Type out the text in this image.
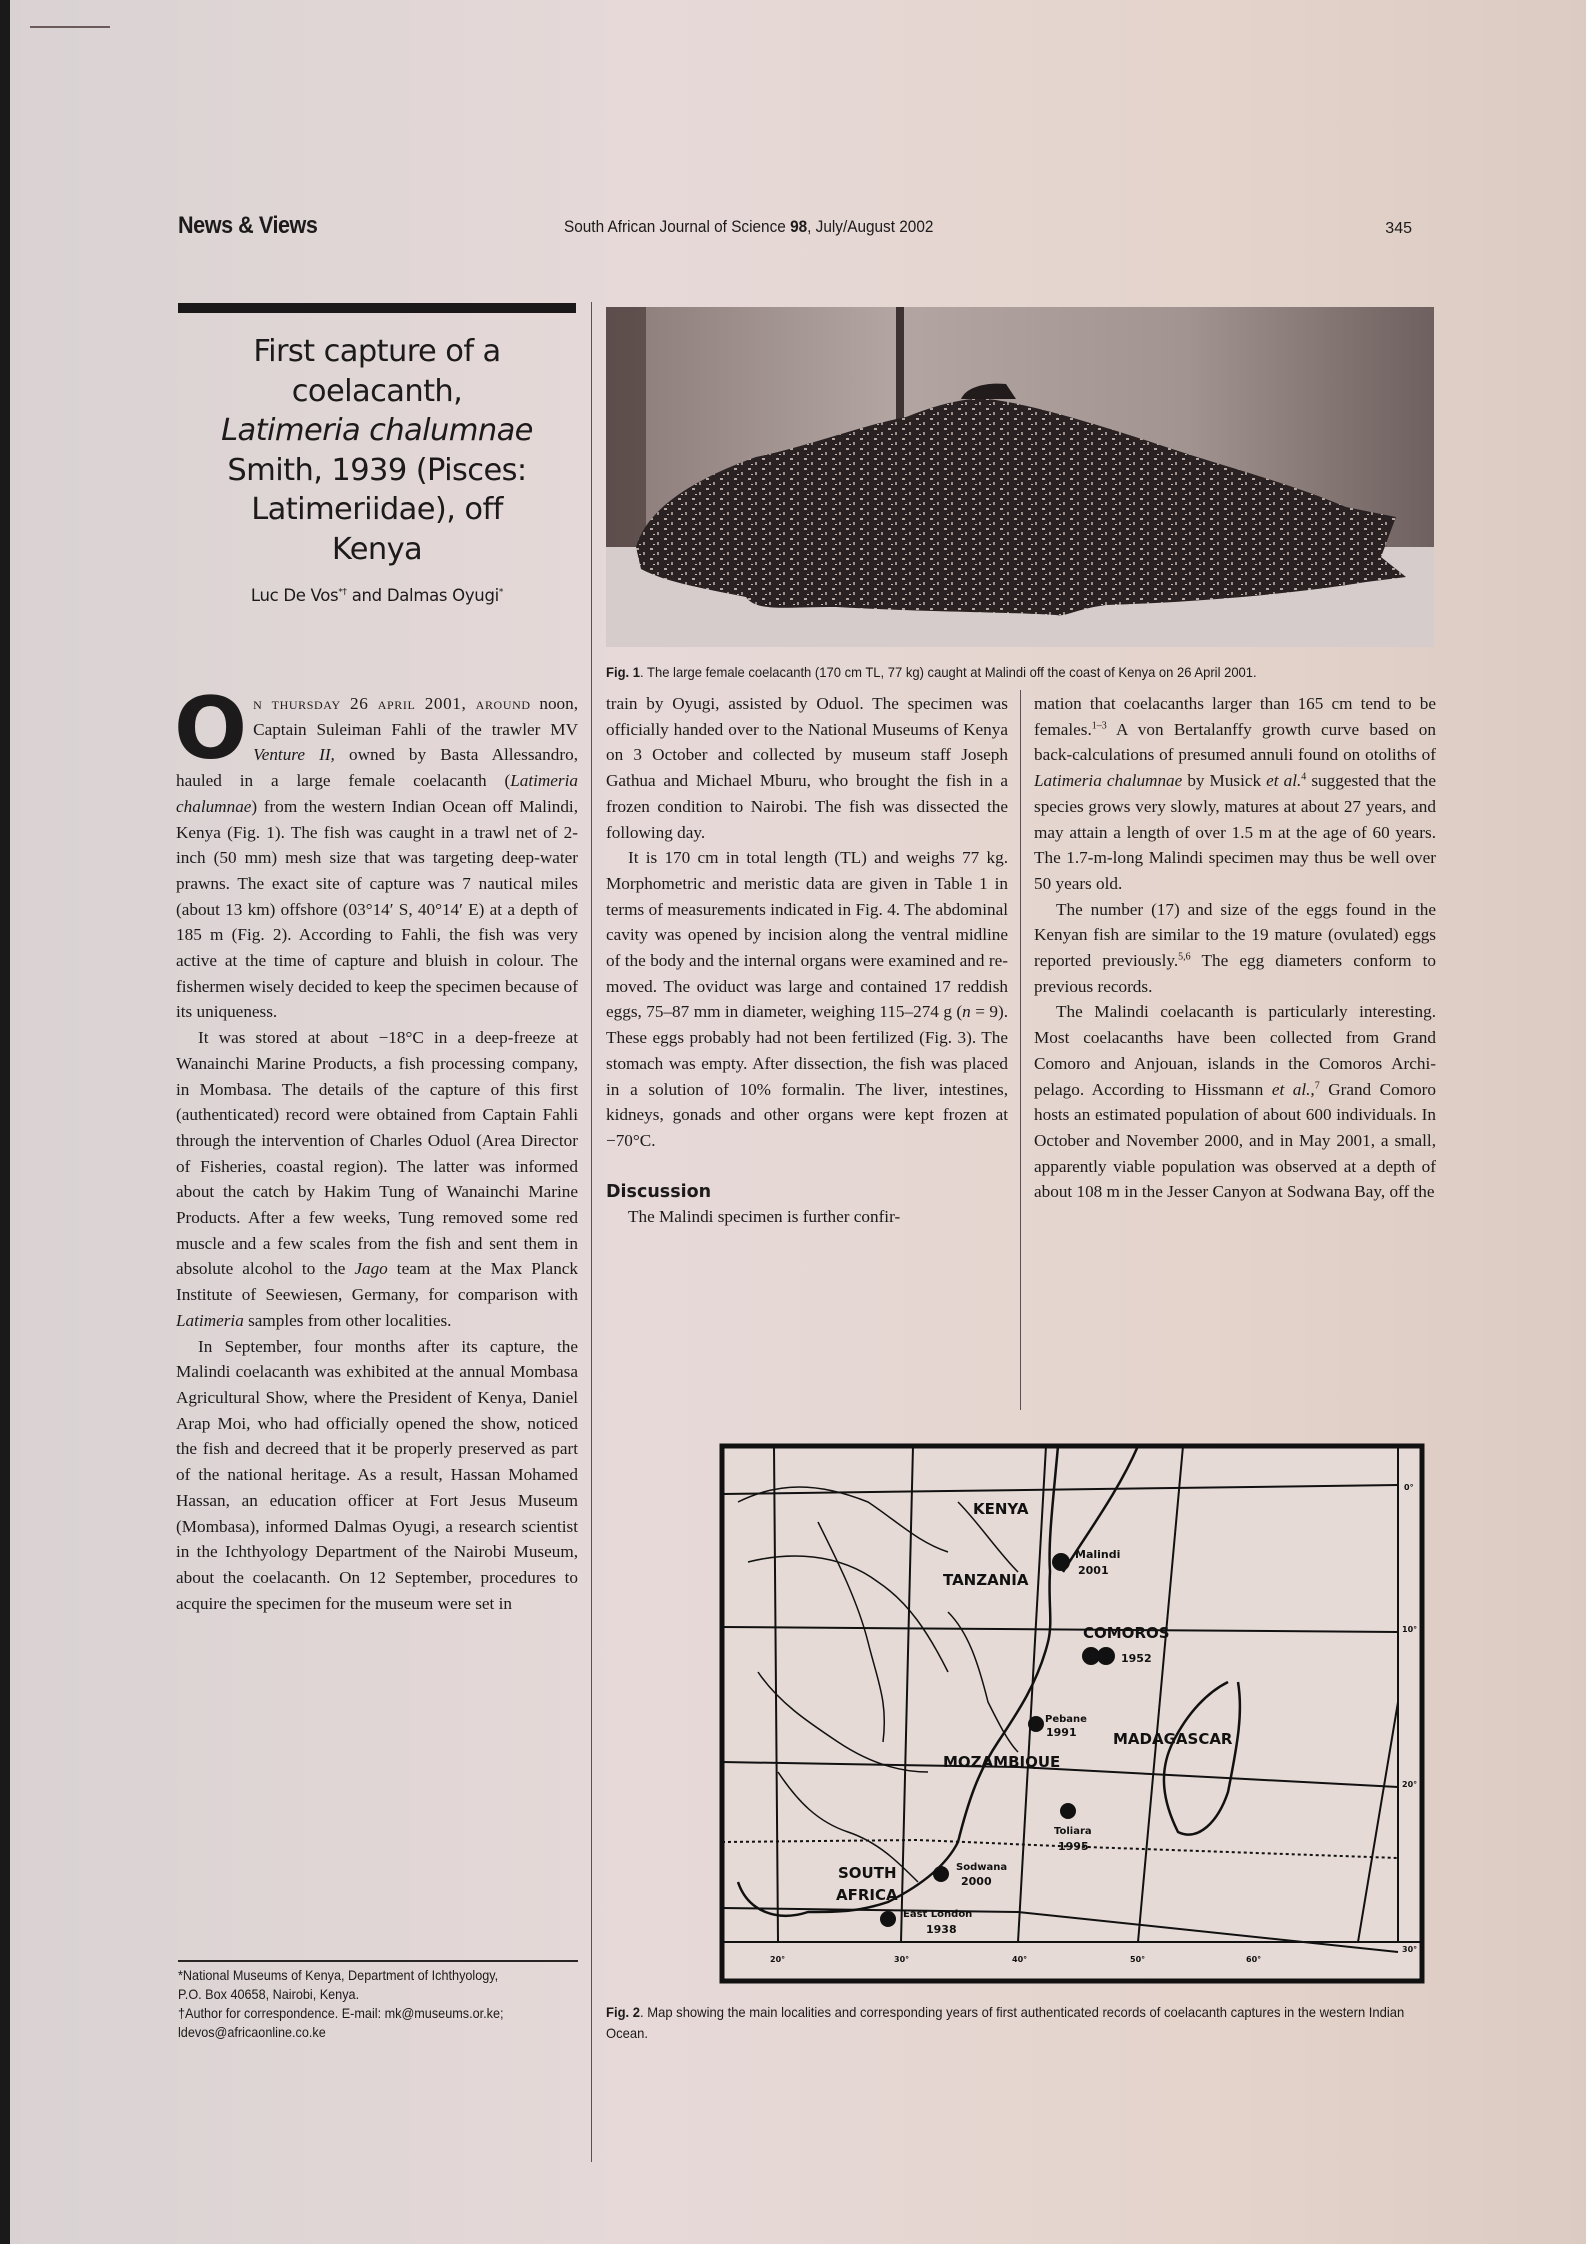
News & Views	South African Journal of Science 98, July/August 2002	345
First capture of a
coelacanth,
Latimeria chalumnae
Smith, 1939 (Pisces:
Latimeriidae), off
Kenya
Luc De Vos*† and Dalmas Oyugi*

On thursday 26 april 2001, around noon, Captain Suleiman Fahli of the trawler MV Venture II, owned by Basta Allessandro, hauled in a large female coelacanth (Latimeria chalumnae) from the western Indian Ocean off Malindi, Kenya (Fig. 1). The fish was caught in a trawl net of 2-inch (50 mm) mesh size that was targeting deep-water prawns. The exact site of capture was 7 nautical miles (about 13 km) offshore (03°14′ S, 40°14′ E) at a depth of 185 m (Fig. 2). According to Fahli, the fish was very active at the time of capture and bluish in colour. The fishermen wisely decided to keep the specimen because of its uniqueness.

It was stored at about −18°C in a deep-freeze at Wanainchi Marine Products, a fish processing company, in Mombasa. The details of the capture of this first (authenticated) record were obtained from Captain Fahli through the intervention of Charles Oduol (Area Director of Fisheries, coastal region). The latter was informed about the catch by Hakim Tung of Wanainchi Marine Products. After a few weeks, Tung removed some red muscle and a few scales from the fish and sent them in absolute alcohol to the Jago team at the Max Planck Institute of Seewiesen, Germany, for comparison with Latimeria samples from other localities.

In September, four months after its capture, the Malindi coelacanth was exhibited at the annual Mombasa Agricultural Show, where the President of Kenya, Daniel Arap Moi, who had officially opened the show, noticed the fish and decreed that it be properly preserved as part of the national heritage. As a result, Hassan Mohamed Hassan, an education officer at Fort Jesus Museum (Mombasa), informed Dalmas Oyugi, a research scientist in the Ichthyology Department of the Nairobi Museum, about the coelacanth. On 12 September, procedures to acquire the specimen for the museum were set in

Fig. 1. The large female coelacanth (170 cm TL, 77 kg) caught at Malindi off the coast of Kenya on 26 April 2001.

train by Oyugi, assisted by Oduol. The specimen was officially handed over to the National Museums of Kenya on 3 October and collected by museum staff Joseph Gathua and Michael Mburu, who brought the fish in a frozen condition to Nairobi. The fish was dissected the following day.

It is 170 cm in total length (TL) and weighs 77 kg. Morphometric and meristic data are given in Table 1 in terms of measurements indicated in Fig. 4. The abdominal cavity was opened by incision along the ventral midline of the body and the internal organs were examined and removed. The oviduct was large and contained 17 reddish eggs, 75–87 mm in diameter, weighing 115–274 g (n = 9). These eggs probably had not been fertilized (Fig. 3). The stomach was empty. After dissection, the fish was placed in a solution of 10% formalin. The liver, intestines, kidneys, gonads and other organs were kept frozen at −70°C.

Discussion

The Malindi specimen is further confir-

mation that coelacanths larger than 165 cm tend to be females.$^{1-3}$ A von Bertalanffy growth curve based on back-calculations of presumed annuli found on otoliths of Latimeria chalumnae by Musick et al.$^4$ suggested that the species grows very slowly, matures at about 27 years, and may attain a length of over 1.5 m at the age of 60 years. The 1.7-m-long Malindi specimen may thus be well over 50 years old.

The number (17) and size of the eggs found in the Kenyan fish are similar to the 19 mature (ovulated) eggs reported previously.$^{5,6}$ The egg diameters conform to previous records.

The Malindi coelacanth is particularly interesting. Most coelacanths have been collected from Grand Comoro and Anjouan, islands in the Comoros Archipelago. According to Hissmann et al.,$^7$ Grand Comoro hosts an estimated population of about 600 individuals. In October and November 2000, and in May 2001, a small, apparently viable population was observed at a depth of about 108 m in the Jesser Canyon at Sodwana Bay, off the

KENYA
TANZANIA
COMOROS
MADAGASCAR
MOZAMBIQUE
SOUTH
AFRICA
Malindi
2001
1952
Pebane
1991
Toliara
1995
Sodwana
2000
East London
1938
0°
10°
20°
30°
20°	30°	40°	50°	60°
Fig. 2. Map showing the main localities and corresponding years of first authenticated records of coelacanth captures in the western Indian Ocean.
*National Museums of Kenya, Department of Ichthyology,
P.O. Box 40658, Nairobi, Kenya.
†Author for correspondence. E-mail: mk@museums.or.ke;
ldevos@africaonline.co.ke
